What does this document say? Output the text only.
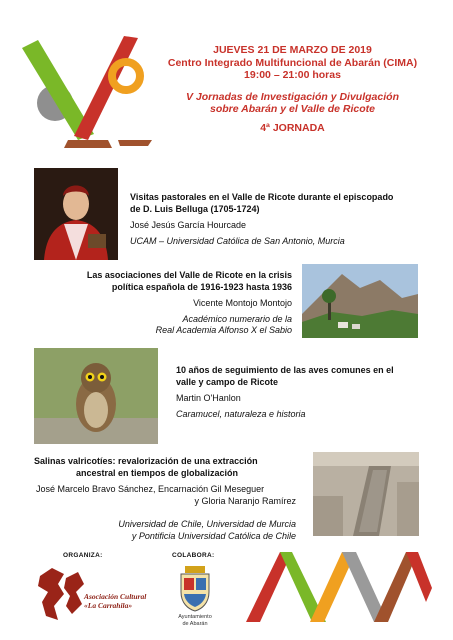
JUEVES 21 DE MARZO DE 2019
Centro Integrado Multifuncional de Abarán (CIMA)
19:00 – 21:00 horas
V Jornadas de Investigación y Divulgación
sobre Abarán y el Valle de Ricote
4ª JORNADA
Visitas pastorales en el Valle de Ricote durante el episcopado
de D. Luis Belluga (1705-1724)
José Jesús García Hourcade
UCAM – Universidad Católica de San Antonio, Murcia
Las asociaciones del Valle de Ricote en la crisis
política española de 1916-1923 hasta 1936
Vicente Montojo Montojo
Académico numerario de la
Real Academia Alfonso X el Sabio
10 años de seguimiento de las aves comunes en el
valle y campo de Ricote
Martin O'Hanlon
Caramucel, naturaleza e historia
Salinas valricotíes: revalorización de una extracción
ancestral en tiempos de globalización
José Marcelo Bravo Sánchez, Encarnación Gil Meseguer
y Gloria Naranjo Ramírez
Universidad de Chile, Universidad de Murcia
y Pontificia Universidad Católica de Chile
ORGANIZA:	COLABORA:
Asociación Cultural
«La Carrahila»
Ayuntamiento
de Abarán
